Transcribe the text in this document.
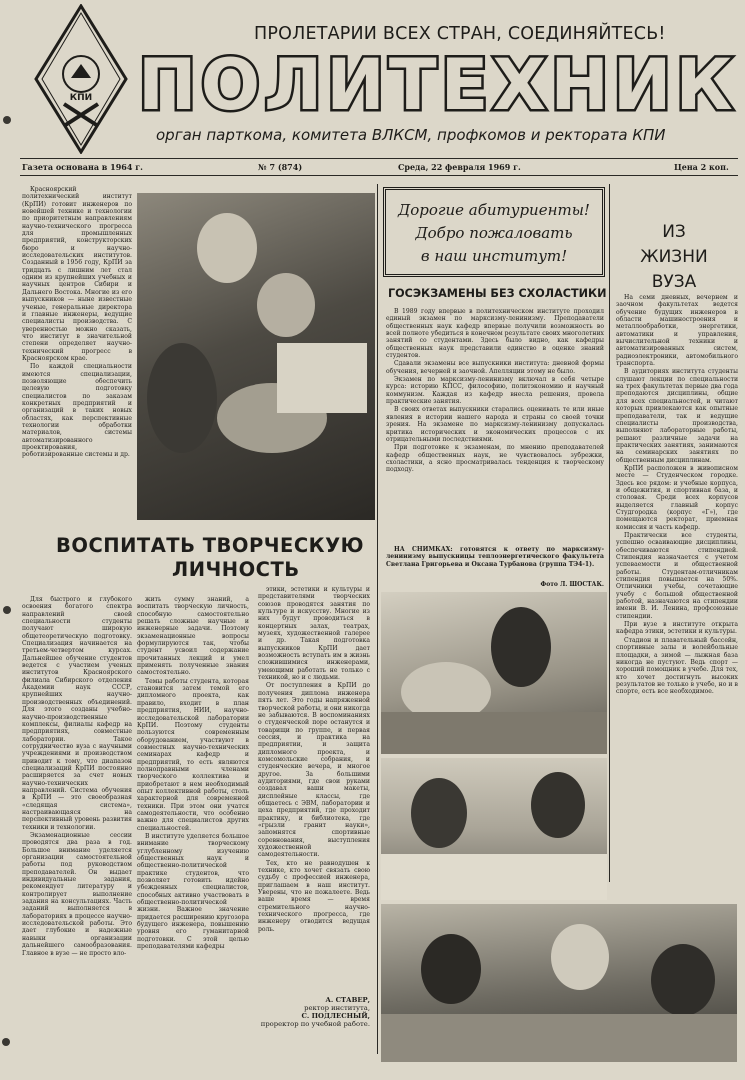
КПИ
ПРОЛЕТАРИИ ВСЕХ СТРАН, СОЕДИНЯЙТЕСЬ!
ПОЛИТЕХНИК
орган парткома, комитета ВЛКСМ, профкомов и ректората КПИ
Газета основана в 1964 г.	№ 7 (874)	Среда, 22 февраля 1969 г.	Цена 2 коп.

Красноярский политехнический институт (КрПИ) готовит инженеров по новейшей технике и технологии по приоритетным направлениям научно-технического прогресса для промышленных предприятий, конструкторских бюро и научно-исследовательских институтов. Созданный в 1956 году, КрПИ за тридцать с лишним лет стал одним из крупнейших учебных и научных центров Сибири и Дальнего Востока. Многие из его выпускников — ныне известные ученые, генеральные директора и главные инженеры, ведущие специалисты производства. С уверенностью можно сказать, что институт в значительной степени определяет научно-технический прогресс в Красноярском крае.

По каждой специальности имеются специализации, позволяющие обеспечить целевую подготовку специалистов по заказам конкретных предприятий и организаций в таких новых областях, как перспективные технологии обработки материалов, системы автоматизированного проектирования, роботизированные системы и др.

ВОСПИТАТЬ ТВОРЧЕСКУЮ
ЛИЧНОСТЬ

Для быстрого и глубокого освоения богатого спектра направлений своей специальности студенты получают широкую общетеоретическую подготовку. Специализация начинается на третьем-четвертом курсах. Дальнейшее обучение студентов ведется с участием ученых институтов Красноярского филиала Сибирского отделения Академии наук СССР, крупнейших научно-производственных объединений. Для этого созданы учебно-научно-производственные комплексы, филиалы кафедр на предприятиях, совместные лаборатории. Такое сотрудничество вуза с научными учреждениями и производством приводит к тому, что диапазон специализаций КрПИ постоянно расширяется за счет новых научно-технических направлений. Система обучения в КрПИ — это своеобразная «следящая система», настраивающаяся на перспективный уровень развития техники и технологии.

Экзаменационные сессии проводятся два раза в год. Большое внимание уделяется организации самостоятельной работы под руководством преподавателей. Он выдает индивидуальные задания, рекомендует литературу и контролирует выполнение задания на консультациях. Часть заданий выполняется в лабораториях в процессе научно-исследовательской работы. Это дает глубокие и надежные навыки организации дальнейшего самообразования. Главное в вузе — не просто вло-

жить сумму знаний, а воспитать творческую личность, способную самостоятельно решать сложные научные и инженерные задачи. Поэтому экзаменационные вопросы формулируются так, чтобы студент усвоил содержание прочитанных лекций и умел применять полученные знания самостоятельно.

Темы работы студента, которая становится затем темой его дипломного проекта, как правило, входит в план предприятия, НИИ, научно-исследовательской лаборатории КрПИ. Поэтому студенты пользуются современным оборудованием, участвуют в совместных научно-технических семинарах кафедр и предприятий, то есть являются полноправными членами творческого коллектива и приобретают в нем необходимый опыт коллективной работы, столь характерной для современной техники. При этом они учатся самодеятельности, что особенно важно для специалистов других специальностей.

В институте уделяется большое внимание творческому углубленному изучению общественных наук и общественно-политической практике студентов, что позволяет готовить идейно убежденных специалистов, способных активно участвовать в общественно-политической жизни. Важное значение придается расширению кругозора будущего инженера, повышению уровня его гуманитарной подготовки. С этой целью преподавателями кафедры

этики, эстетики и культуры и представителями творческих союзов проводятся занятия по культуре и искусству. Многие из них будут проводиться в концертных залах, театрах, музеях, художественной галерее и др. Такая подготовка выпускников КрПИ дает возможность вступать им в жизнь сложившимися инженерами, умеющими работать не только с техникой, но и с людьми.

От поступления в КрПИ до получения диплома инженера пять лет. Это годы напряженной творческой работы, и они никогда не забываются. В воспоминаниях о студенческой поре останутся и товарищи по группе, и первая сессия, и практика на предприятии, и защита дипломного проекта, и комсомольские собрания, и студенческие вечера, и многое другое. За большими аудиториями, где свои руками создавал ваши макеты, дисплейные классы, где общаетесь с ЭВМ, лаборатории и цеха предприятий, где проходит практику, и библиотека, где «грызли гранит науки», запомнятся спортивные соревнования, выступления художественной самодеятельности.

Тех, кто не равнодушен к технике, кто хочет связать свою судьбу с профессией инженера, приглашаем в наш институт. Уверены, что не пожалеете. Ведь ваше время — время стремительного научно-технического прогресса, где инженеру отводится ведущая роль.

А. СТАВЕР,
ректор института,
С. ПОДЛЕСНЫЙ,
проректор по учебной работе.
Дорогие абитуриенты!
Добро пожаловать
в наш институт!
ГОСЭКЗАМЕНЫ БЕЗ СХОЛАСТИКИ

В 1989 году впервые в политехническом институте проходил единый экзамен по марксизму-ленинизму. Преподаватели общественных наук кафедр впервые получили возможность во всей полноте убедиться в конечном результате своих многолетних занятий со студентами. Здесь было видно, как кафедры общественных наук представили единство в оценке знаний студентов.

Сдавали экзамены все выпускники института: дневной формы обучения, вечерней и заочной. Апелляции этому не было.

Экзамен по марксизму-ленинизму включал в себя четыре курса: историю КПСС, философию, политэкономию и научный коммунизм. Каждая из кафедр внесла решения, провела практические занятия.

В своих ответах выпускники старались оценивать те или иные явления в истории нашего народа и страны со своей точки зрения. На экзамене по марксизму-ленинизму допускалась критика исторических и экономических процессов с их отрицательными последствиями.

При подготовке к экзаменам, по мнению преподавателей кафедр общественных наук, не чувствовалось зубрежки, схоластики, а ясно просматривалась тенденция к творческому подходу.

НА СНИМКАХ: готовятся к ответу по марксизму-ленинизму выпускницы теплоэнергетического факультета Светлана Григорьева и Оксана Турбанова (группа ТЭ4-1).

Фото Л. ШОСТАК.
ИЗ
ЖИЗНИ
ВУЗА

На семи дневных, вечернем и заочном факультетах ведется обучение будущих инженеров в области машиностроения и металлообработки, энергетики, автоматики и управления, вычислительной техники и автоматизированных систем, радиоэлектроники, автомобильного транспорта.

В аудиториях института студенты слушают лекции по специальности на трех факультетах первые два года преподаются дисциплины, общие для всех специальностей, и читают которых привлекаются как опытные преподаватели, так и ведущие специалисты производства, выполняют лабораторные работы, решают различные задачи на практических занятиях, занимаются на семинарских занятиях по общественным дисциплинам.

КрПИ расположен в живописном месте — Студенческом городке. Здесь все рядом: и учебные корпуса, и общежития, и спортивная база, и столовая. Среди всех корпусов выделяется главный корпус Студгородка (корпус «Г»), где помещаются ректорат, приемная комиссия и часть кафедр.

Практически все студенты, успешно осваивающие дисциплины, обеспечиваются стипендией. Стипендия назначается с учетом успеваемости и общественной работы. Студентам-отличникам стипендия повышается на 50%. Отличники учебы, сочетающие учебу с большой общественной работой, назначаются на стипендии имени В. И. Ленина, профсоюзные стипендии.

При вузе в институте открыта кафедра этики, эстетики и культуры.

Стадион и плавательный бассейн, спортивные залы и волейбольные площадки, а зимой — лыжная база никогда не пустуют. Ведь спорт — хороший помощник в учебе. Для тех, кто хочет достигнуть высоких результатов не только в учебе, но и в спорте, есть все необходимое.
